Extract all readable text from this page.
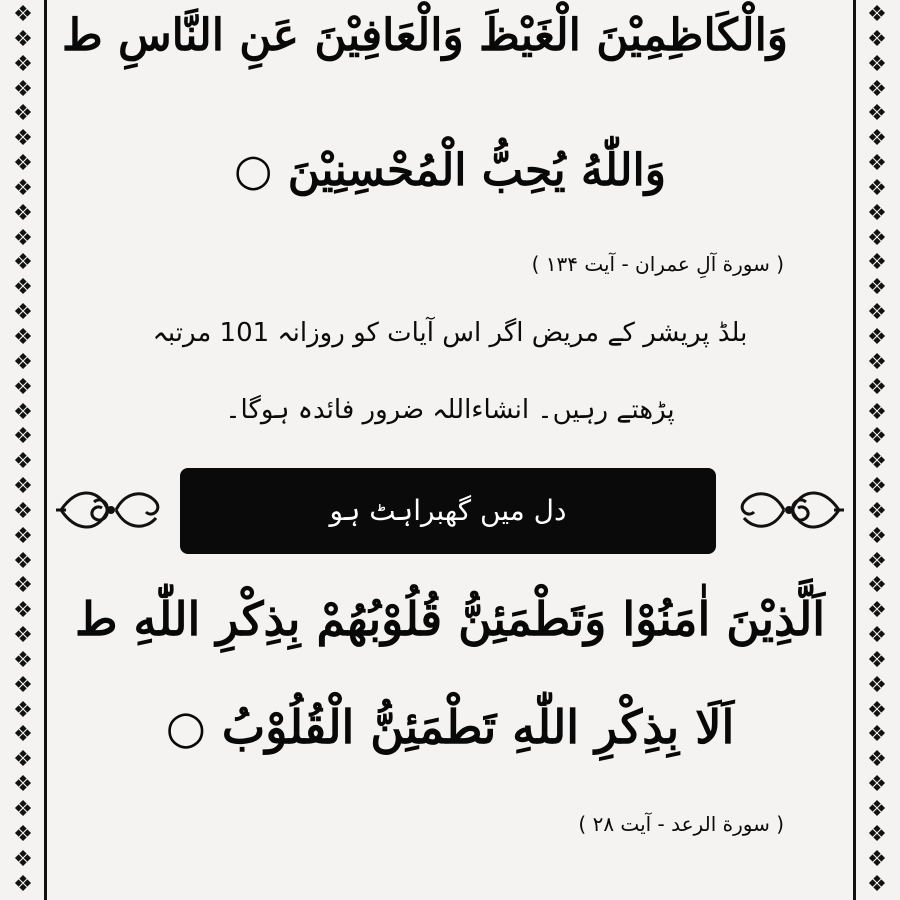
❖
❖
❖
❖
❖
❖
❖
❖
❖
❖
❖
❖
❖
❖
❖
❖
❖
❖
❖
❖
❖
❖
❖
❖
❖
❖
❖
❖
❖
❖
❖
❖
❖
❖
❖
❖
❖
❖
❖
❖
❖
❖
❖
❖
❖
❖
❖
❖
❖
❖
❖
❖
❖
❖
❖
❖
❖
❖
❖
❖
❖
❖
❖
❖
❖
❖
❖
❖
❖
❖
❖
❖
وَالْكَاظِمِيْنَ الْغَيْظَ وَالْعَافِيْنَ عَنِ النَّاسِ ط
وَاللّٰهُ يُحِبُّ الْمُحْسِنِيْنَ ○
( سورة آلِ عمران - آیت ۱۳۴ )
بلڈ پریشر کے مریض اگر اس آیات کو روزانہ 101 مرتبہ
پڑھتے رہیں۔ انشاءاللہ ضرور فائدہ ہوگا۔
دل میں گھبراہٹ ہو
اَلَّذِيْنَ اٰمَنُوْا وَتَطْمَئِنُّ قُلُوْبُهُمْ بِذِكْرِ اللّٰهِ ط
اَلَا بِذِكْرِ اللّٰهِ تَطْمَئِنُّ الْقُلُوْبُ ○
( سورة الرعد - آیت ۲۸ )
